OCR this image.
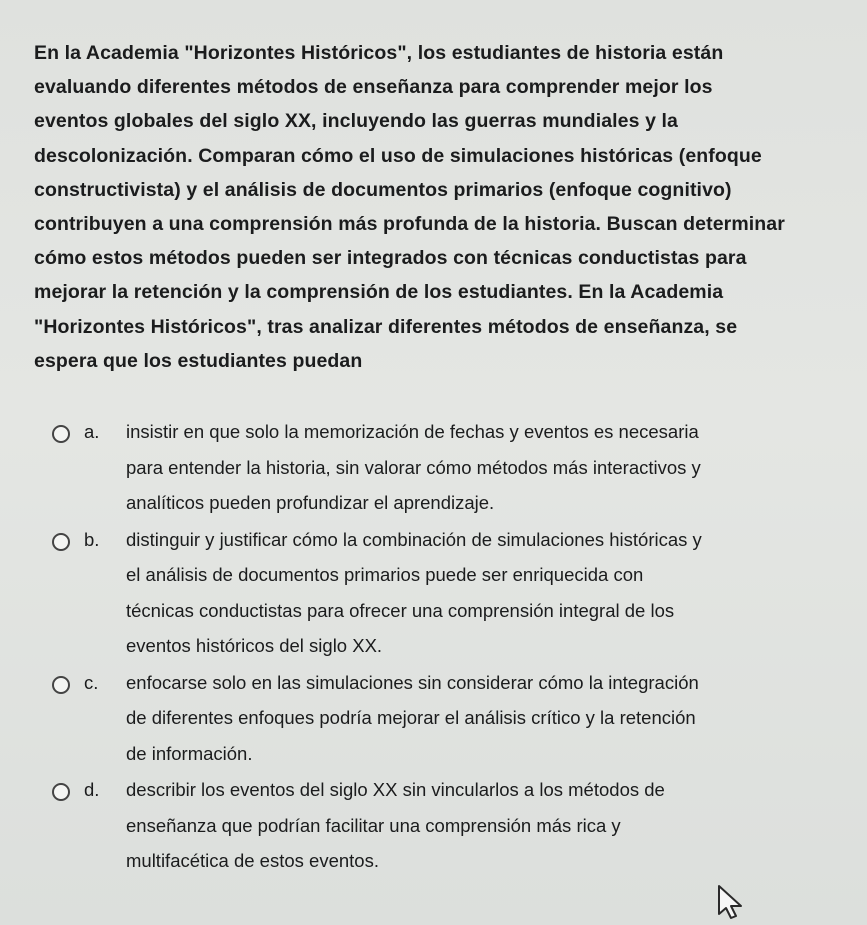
En la Academia "Horizontes Históricos", los estudiantes de historia están
evaluando diferentes métodos de enseñanza para comprender mejor los
eventos globales del siglo XX, incluyendo las guerras mundiales y la
descolonización. Comparan cómo el uso de simulaciones históricas (enfoque
constructivista) y el análisis de documentos primarios (enfoque cognitivo)
contribuyen a una comprensión más profunda de la historia. Buscan determinar
cómo estos métodos pueden ser integrados con técnicas conductistas para
mejorar la retención y la comprensión de los estudiantes. En la Academia
"Horizontes Históricos", tras analizar diferentes métodos de enseñanza, se
espera que los estudiantes puedan
a.	insistir en que solo la memorización de fechas y eventos es necesaria
para entender la historia, sin valorar cómo métodos más interactivos y
analíticos pueden profundizar el aprendizaje.
b.	distinguir y justificar cómo la combinación de simulaciones históricas y
el análisis de documentos primarios puede ser enriquecida con
técnicas conductistas para ofrecer una comprensión integral de los
eventos históricos del siglo XX.
c.	enfocarse solo en las simulaciones sin considerar cómo la integración
de diferentes enfoques podría mejorar el análisis crítico y la retención
de información.
d.	describir los eventos del siglo XX sin vincularlos a los métodos de
enseñanza que podrían facilitar una comprensión más rica y
multifacética de estos eventos.
